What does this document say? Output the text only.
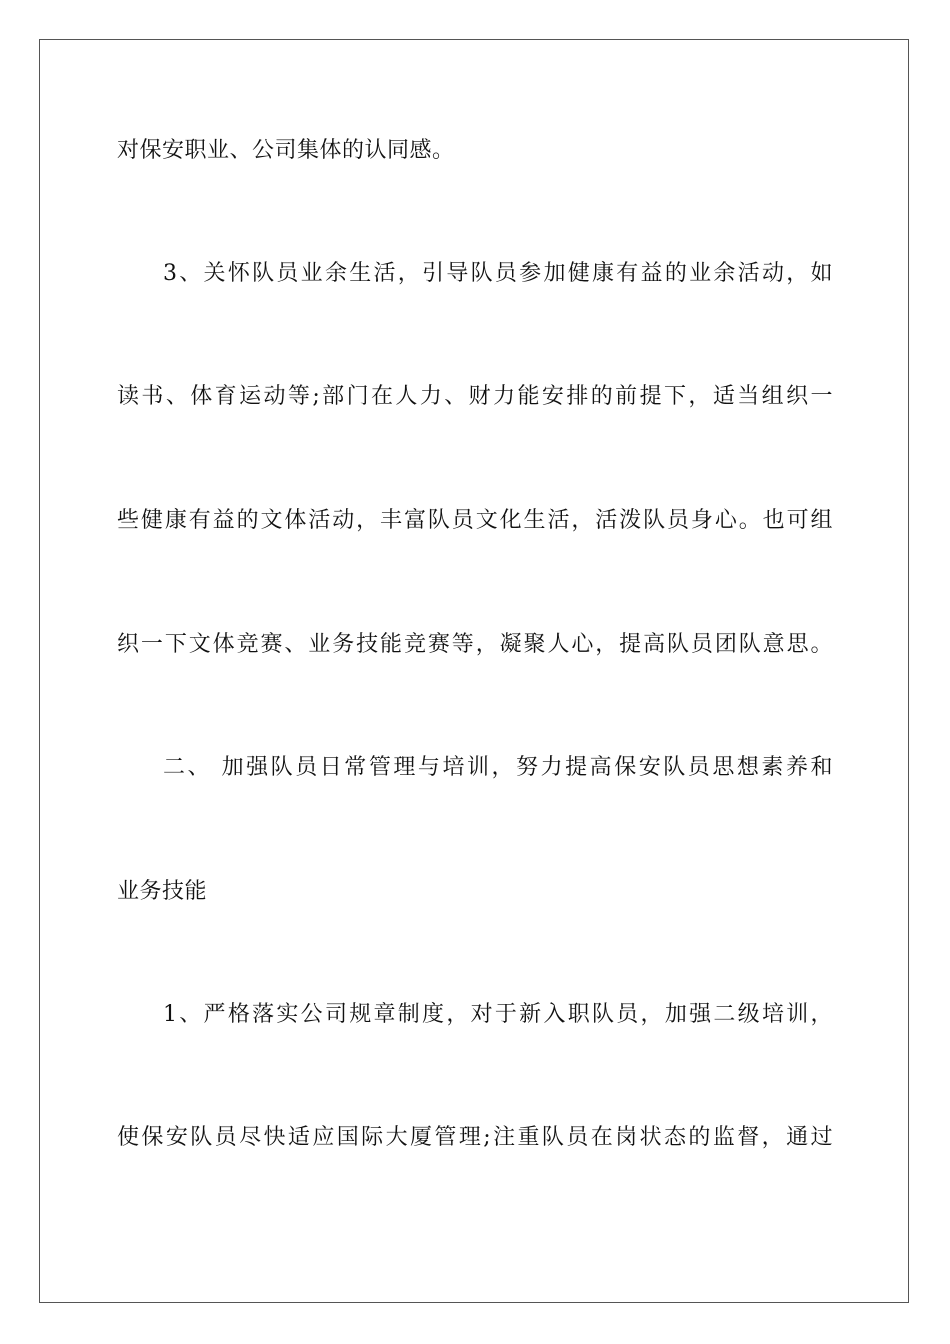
对保安职业、公司集体的认同感。
3、关怀队员业余生活，引导队员参加健康有益的业余活动，如
读书、体育运动等;部门在人力、财力能安排的前提下，适当组织一
些健康有益的文体活动，丰富队员文化生活，活泼队员身心。也可组
织一下文体竞赛、业务技能竞赛等，凝聚人心，提高队员团队意思。
二、 加强队员日常管理与培训，努力提高保安队员思想素养和
业务技能
1、严格落实公司规章制度，对于新入职队员，加强二级培训，
使保安队员尽快适应国际大厦管理;注重队员在岗状态的监督，通过
